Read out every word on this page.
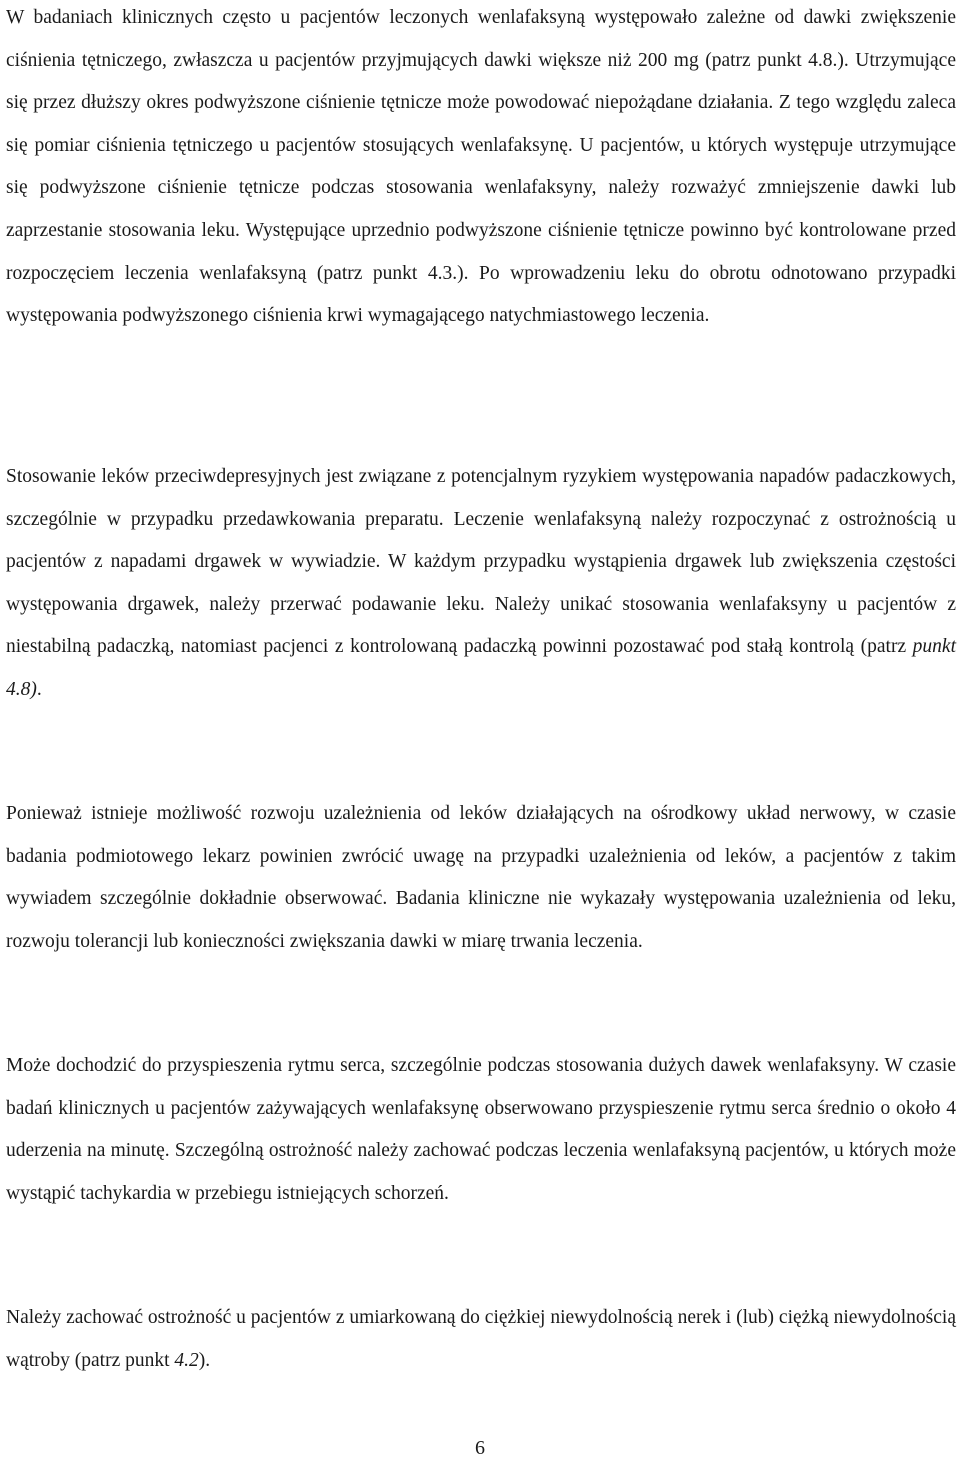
W badaniach klinicznych często u pacjentów leczonych wenlafaksyną występowało zależne od dawki zwiększenie ciśnienia tętniczego, zwłaszcza u pacjentów przyjmujących dawki większe niż 200 mg (patrz punkt 4.8.). Utrzymujące się przez dłuższy okres podwyższone ciśnienie tętnicze może powodować niepożądane działania. Z tego względu zaleca się pomiar ciśnienia tętniczego u pacjentów stosujących wenlafaksynę. U pacjentów, u których występuje utrzymujące się podwyższone ciśnienie tętnicze podczas stosowania wenlafaksyny, należy rozważyć zmniejszenie dawki lub zaprzestanie stosowania leku. Występujące uprzednio podwyższone ciśnienie tętnicze powinno być kontrolowane przed rozpoczęciem leczenia wenlafaksyną (patrz punkt 4.3.). Po wprowadzeniu leku do obrotu odnotowano przypadki występowania podwyższonego ciśnienia krwi wymagającego natychmiastowego leczenia.

Stosowanie leków przeciwdepresyjnych jest związane z potencjalnym ryzykiem występowania napadów padaczkowych, szczególnie w przypadku przedawkowania preparatu. Leczenie wenlafaksyną należy rozpoczynać z ostrożnością u pacjentów z napadami drgawek w wywiadzie. W każdym przypadku wystąpienia drgawek lub zwiększenia częstości występowania drgawek, należy przerwać podawanie leku. Należy unikać stosowania wenlafaksyny u pacjentów z niestabilną padaczką, natomiast pacjenci z kontrolowaną padaczką powinni pozostawać pod stałą kontrolą (patrz punkt 4.8).

Ponieważ istnieje możliwość rozwoju uzależnienia od leków działających na ośrodkowy układ nerwowy, w czasie badania podmiotowego lekarz powinien zwrócić uwagę na przypadki uzależnienia od leków, a pacjentów z takim wywiadem szczególnie dokładnie obserwować. Badania kliniczne nie wykazały występowania uzależnienia od leku, rozwoju tolerancji lub konieczności zwiększania dawki w miarę trwania leczenia.

Może dochodzić do przyspieszenia rytmu serca, szczególnie podczas stosowania dużych dawek wenlafaksyny. W czasie badań klinicznych u pacjentów zażywających wenlafaksynę obserwowano przyspieszenie rytmu serca średnio o około 4 uderzenia na minutę. Szczególną ostrożność należy zachować podczas leczenia wenlafaksyną pacjentów, u których może wystąpić tachykardia w przebiegu istniejących schorzeń.

Należy zachować ostrożność u pacjentów z umiarkowaną do ciężkiej niewydolnością nerek i (lub) ciężką niewydolnością wątroby (patrz punkt 4.2).

6
